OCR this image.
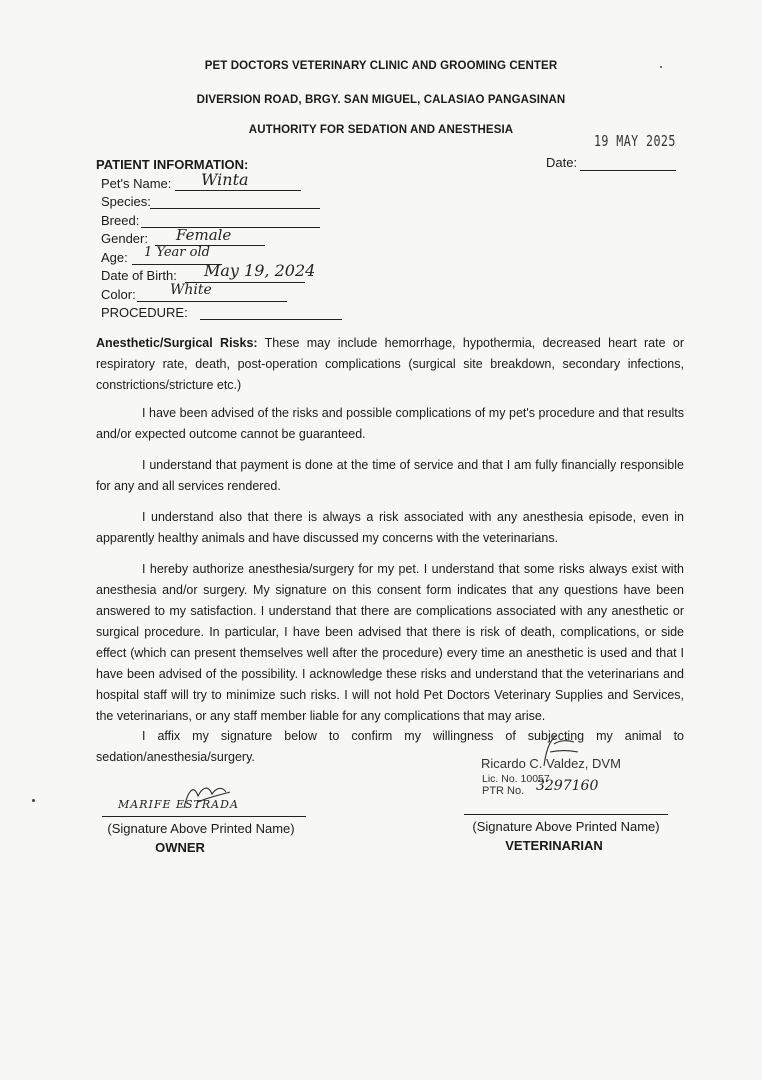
PET DOCTORS VETERINARY CLINIC AND GROOMING CENTER
DIVERSION ROAD, BRGY. SAN MIGUEL, CALASIAO PANGASINAN
AUTHORITY FOR SEDATION AND ANESTHESIA
19 MAY 2025
Date:
PATIENT INFORMATION:
Pet's Name: Winta
Species:
Breed:
Gender: Female
Age: 1 Year old
Date of Birth: May 19, 2024
Color: White
PROCEDURE:

Anesthetic/Surgical Risks: These may include hemorrhage, hypothermia, decreased heart rate or respiratory rate, death, post-operation complications (surgical site breakdown, secondary infections, constrictions/stricture etc.)

I have been advised of the risks and possible complications of my pet's procedure and that results and/or expected outcome cannot be guaranteed.

I understand that payment is done at the time of service and that I am fully financially responsible for any and all services rendered.

I understand also that there is always a risk associated with any anesthesia episode, even in apparently healthy animals and have discussed my concerns with the veterinarians.

I hereby authorize anesthesia/surgery for my pet. I understand that some risks always exist with anesthesia and/or surgery. My signature on this consent form indicates that any questions have been answered to my satisfaction. I understand that there are complications associated with any anesthetic or surgical procedure. In particular, I have been advised that there is risk of death, complications, or side effect (which can present themselves well after the procedure) every time an anesthetic is used and that I have been advised of the possibility. I acknowledge these risks and understand that the veterinarians and hospital staff will try to minimize such risks. I will not hold Pet Doctors Veterinary Supplies and Services, the veterinarians, or any staff member liable for any complications that may arise.

I affix my signature below to confirm my willingness of subjecting my animal to sedation/anesthesia/surgery.

MARIFE ESTRADA
(Signature Above Printed Name)
OWNER
Ricardo C. Valdez, DVM
Lic. No. 10057
PTR No. 3297160
(Signature Above Printed Name)
VETERINARIAN
